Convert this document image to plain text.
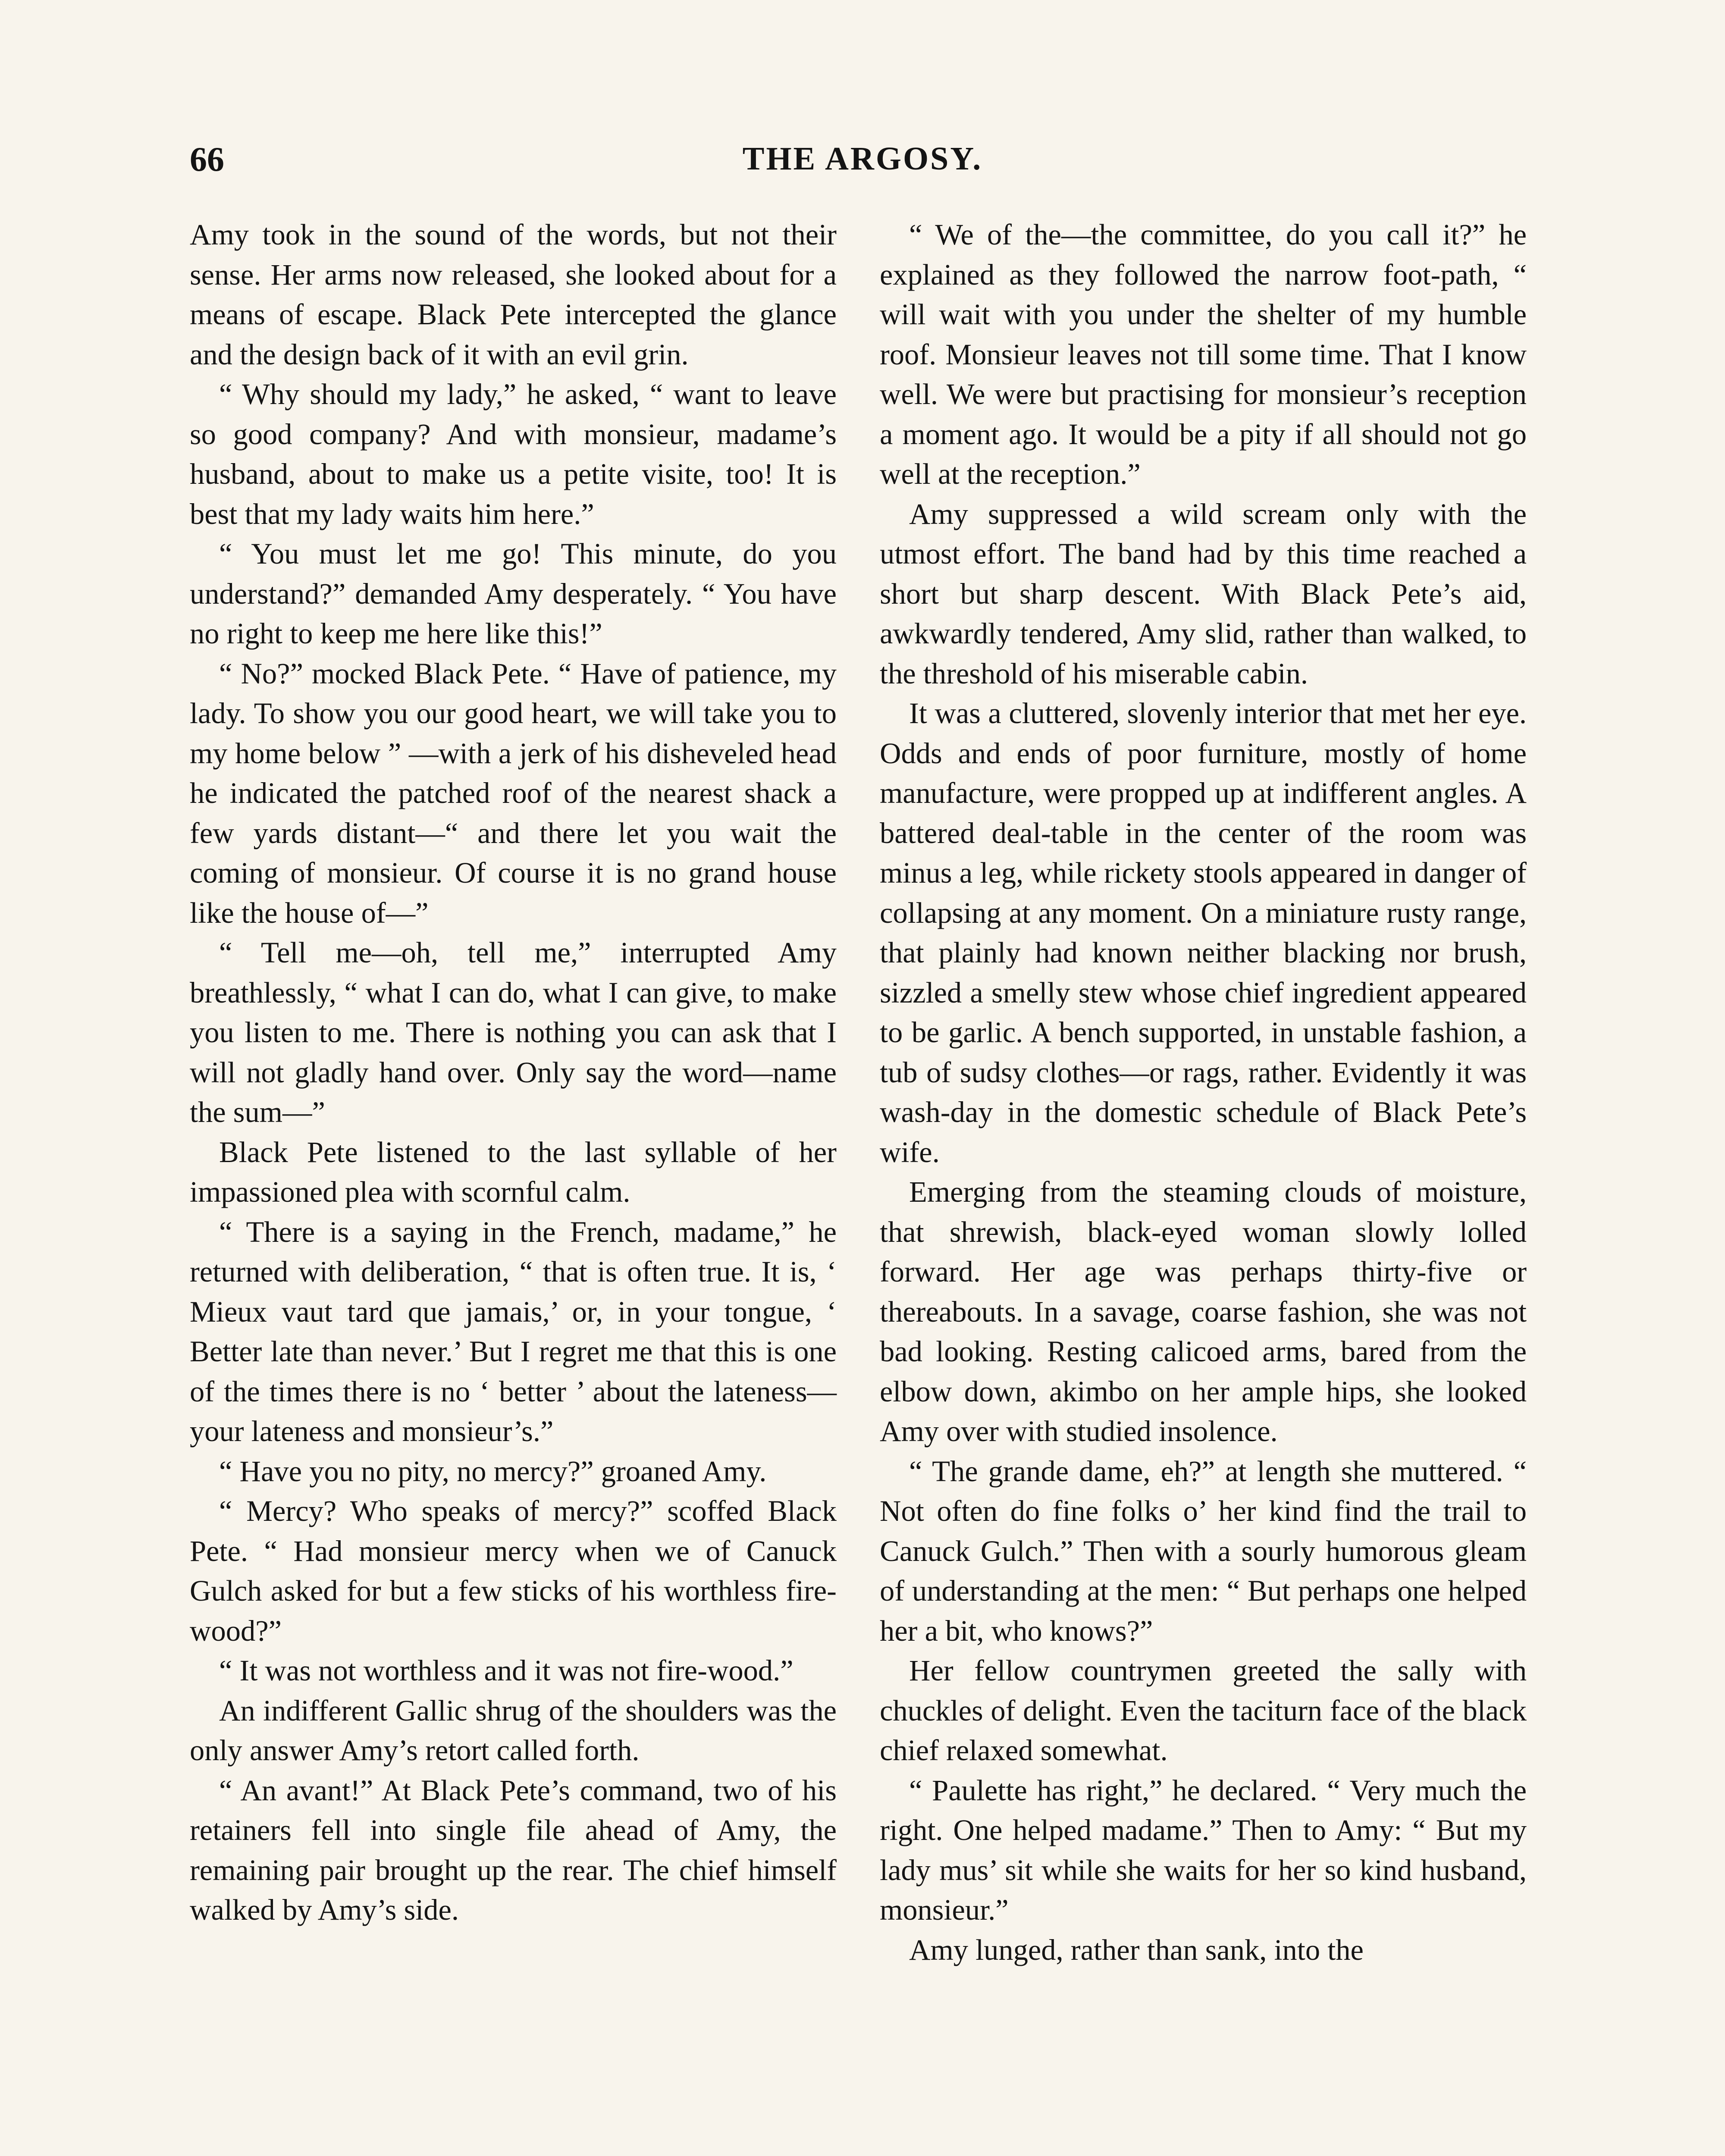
66	THE ARGOSY.

Amy took in the sound of the words, but not their sense. Her arms now released, she looked about for a means of escape. Black Pete intercepted the glance and the design back of it with an evil grin.

“ Why should my lady,” he asked, “ want to leave so good company? And with monsieur, madame’s husband, about to make us a petite visite, too! It is best that my lady waits him here.”

“ You must let me go! This minute, do you understand?” demanded Amy desperately. “ You have no right to keep me here like this!”

“ No?” mocked Black Pete. “ Have of patience, my lady. To show you our good heart, we will take you to my home below ” —with a jerk of his disheveled head he indicated the patched roof of the nearest shack a few yards distant—“ and there let you wait the coming of monsieur. Of course it is no grand house like the house of—”

“ Tell me—oh, tell me,” interrupted Amy breathlessly, “ what I can do, what I can give, to make you listen to me. There is nothing you can ask that I will not gladly hand over. Only say the word—name the sum—”

Black Pete listened to the last syllable of her impassioned plea with scornful calm.

“ There is a saying in the French, madame,” he returned with deliberation, “ that is often true. It is, ‘ Mieux vaut tard que jamais,’ or, in your tongue, ‘ Better late than never.’ But I regret me that this is one of the times there is no ‘ better ’ about the lateness—your lateness and monsieur’s.”

“ Have you no pity, no mercy?” groaned Amy.

“ Mercy? Who speaks of mercy?” scoffed Black Pete. “ Had monsieur mercy when we of Canuck Gulch asked for but a few sticks of his worthless fire-wood?”

“ It was not worthless and it was not fire-wood.”

An indifferent Gallic shrug of the shoulders was the only answer Amy’s retort called forth.

“ An avant!” At Black Pete’s command, two of his retainers fell into single file ahead of Amy, the remaining pair brought up the rear. The chief himself walked by Amy’s side.

“ We of the—the committee, do you call it?” he explained as they followed the narrow foot-path, “ will wait with you under the shelter of my humble roof. Monsieur leaves not till some time. That I know well. We were but practising for monsieur’s reception a moment ago. It would be a pity if all should not go well at the reception.”

Amy suppressed a wild scream only with the utmost effort. The band had by this time reached a short but sharp descent. With Black Pete’s aid, awkwardly tendered, Amy slid, rather than walked, to the threshold of his miserable cabin.

It was a cluttered, slovenly interior that met her eye. Odds and ends of poor furniture, mostly of home manufacture, were propped up at indifferent angles. A battered deal-table in the center of the room was minus a leg, while rickety stools appeared in danger of collapsing at any moment. On a miniature rusty range, that plainly had known neither blacking nor brush, sizzled a smelly stew whose chief ingredient appeared to be garlic. A bench supported, in unstable fashion, a tub of sudsy clothes—or rags, rather. Evidently it was wash-day in the domestic schedule of Black Pete’s wife.

Emerging from the steaming clouds of moisture, that shrewish, black-eyed woman slowly lolled forward. Her age was perhaps thirty-five or thereabouts. In a savage, coarse fashion, she was not bad looking. Resting calicoed arms, bared from the elbow down, akimbo on her ample hips, she looked Amy over with studied insolence.

“ The grande dame, eh?” at length she muttered. “ Not often do fine folks o’ her kind find the trail to Canuck Gulch.” Then with a sourly humorous gleam of understanding at the men: “ But perhaps one helped her a bit, who knows?”

Her fellow countrymen greeted the sally with chuckles of delight. Even the taciturn face of the black chief relaxed somewhat.

“ Paulette has right,” he declared. “ Very much the right. One helped madame.” Then to Amy: “ But my lady mus’ sit while she waits for her so kind husband, monsieur.”

Amy lunged, rather than sank, into the
